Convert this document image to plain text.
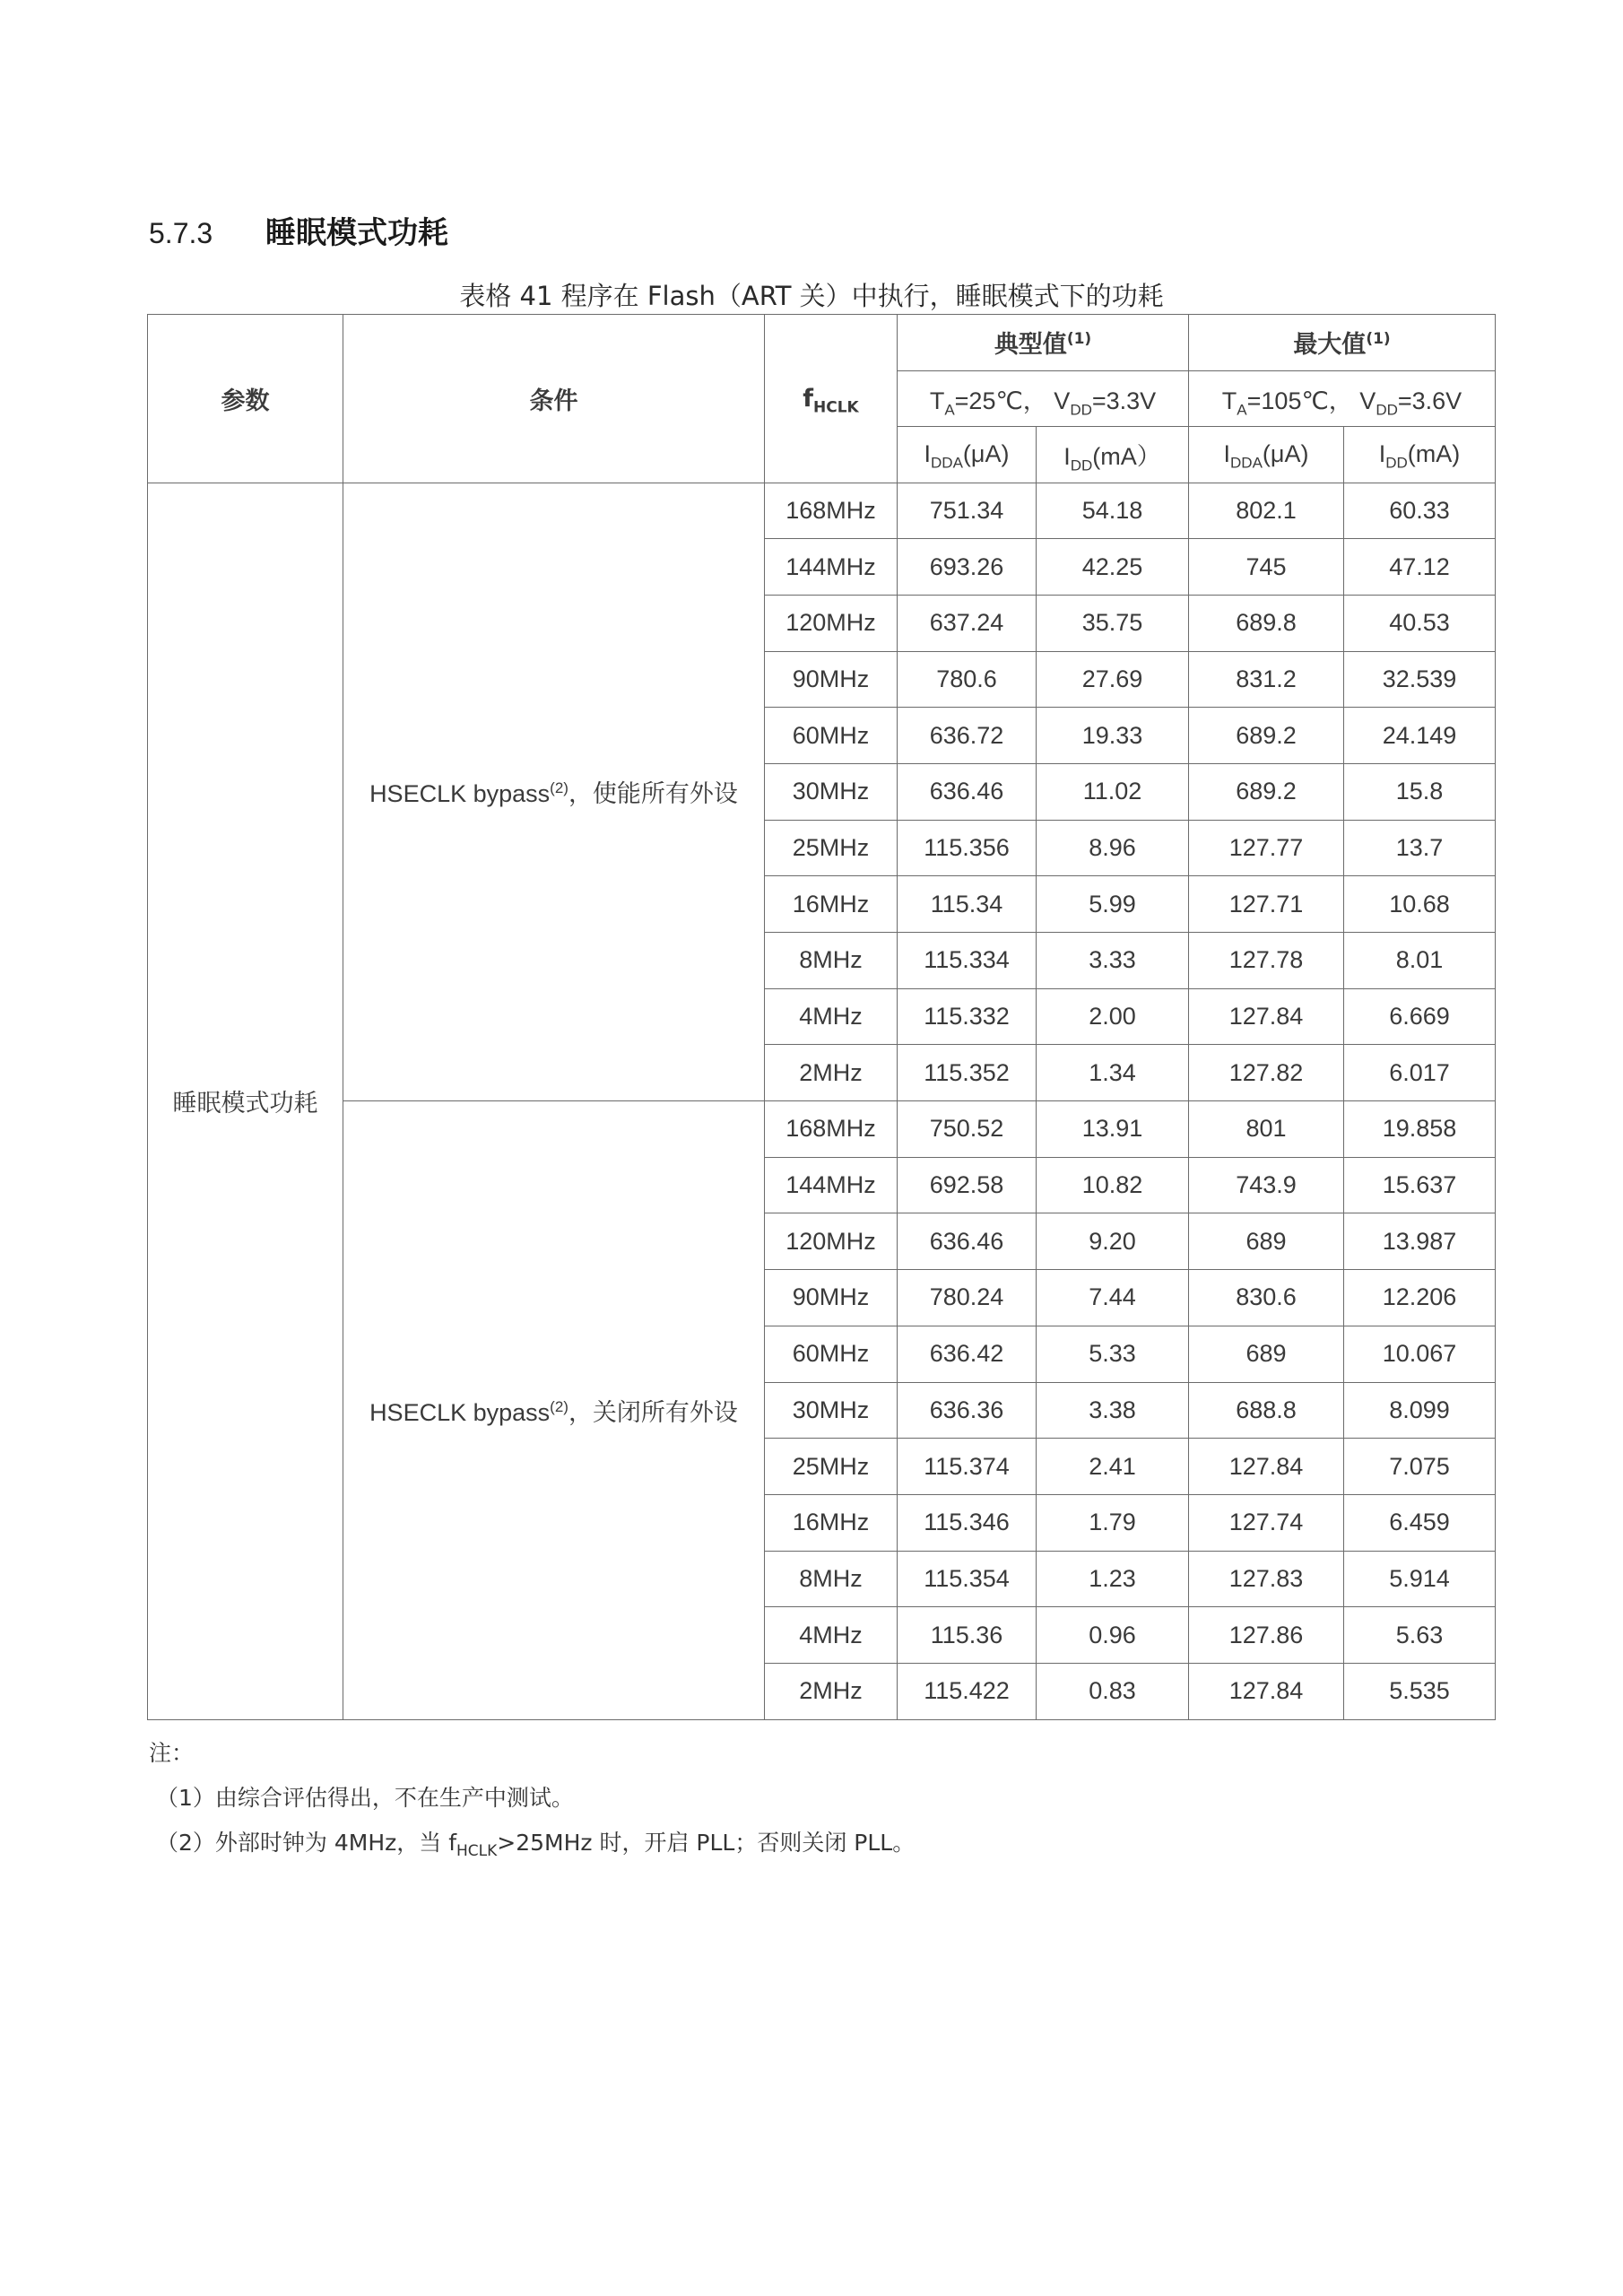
5.7.3	睡眠模式功耗
表格 41 程序在 Flash（ART 关）中执行，睡眠模式下的功耗
参数	条件	$f_{HCLK}$	典型值$^{(1)}$		最大值$^{(1)}$
			$T_A=25℃$， $V_{DD}=3.3V$		$T_A=105℃$， $V_{DD}=3.6V$	
			$I_{DDA}(\mu A)$	$I_{DD}(mA)$	$I_{DDA}(\mu A)$	$I_{DD}(mA)$
睡眠模式功耗	HSECLK bypass$^{(2)}$，使能所有外设	168MHz	751.34	54.18	802.1	60.33
		144MHz	693.26	42.25	745	47.12
		120MHz	637.24	35.75	689.8	40.53
		90MHz	780.6	27.69	831.2	32.539
		60MHz	636.72	19.33	689.2	24.149
		30MHz	636.46	11.02	689.2	15.8
		25MHz	115.356	8.96	127.77	13.7
		16MHz	115.34	5.99	127.71	10.68
		8MHz	115.334	3.33	127.78	8.01
		4MHz	115.332	2.00	127.84	6.669
		2MHz	115.352	1.34	127.82	6.017
	HSECLK bypass$^{(2)}$，关闭所有外设	168MHz	750.52	13.91	801	19.858
		144MHz	692.58	10.82	743.9	15.637
		120MHz	636.46	9.20	689	13.987
		90MHz	780.24	7.44	830.6	12.206
		60MHz	636.42	5.33	689	10.067
		30MHz	636.36	3.38	688.8	8.099
		25MHz	115.374	2.41	127.84	7.075
		16MHz	115.346	1.79	127.74	6.459
		8MHz	115.354	1.23	127.83	5.914
		4MHz	115.36	0.96	127.86	5.63
		2MHz	115.422	0.83	127.84	5.535
注：
（1）由综合评估得出，不在生产中测试。
（2）外部时钟为 4MHz，当 $f_{HCLK}>25MHz$ 时，开启 PLL；否则关闭 PLL。
